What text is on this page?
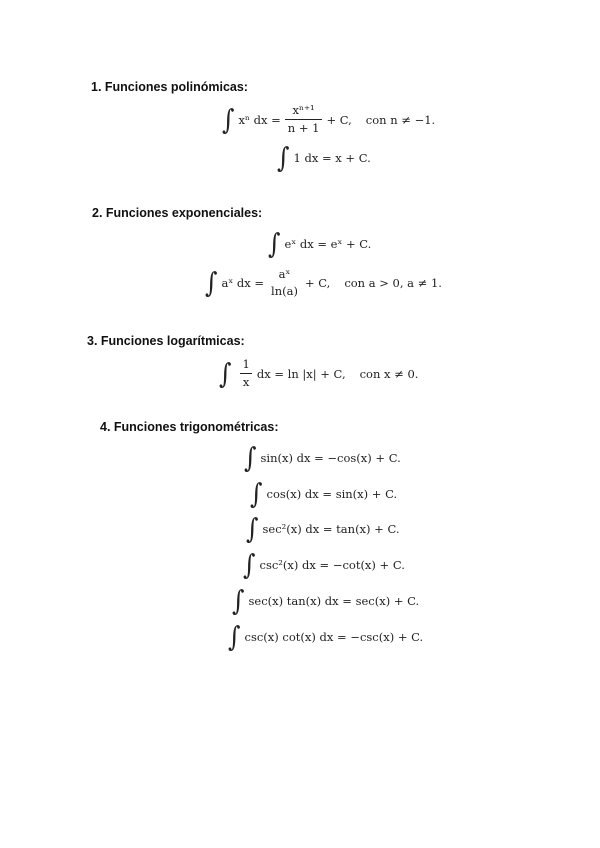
1. Funciones polinómicas:
∫ xⁿ dx = $\frac{\text{xⁿ⁺¹}}{n + 1} + C$, con n ≠ −1.
∫ 1 dx = x + C.
2. Funciones exponenciales:
∫ eˣ dx = eˣ + C.
∫ aˣ dx =
aˣ
ln(a)
+ C, con a > 0, a ≠ 1.
3. Funciones logarítmicas:
∫ $\frac{1}{x}$ dx = ln |x| + C, con x ≠ 0.
4. Funciones trigonométricas:
∫ sin(x) dx = −cos(x) + C.
∫ cos(x) dx = sin(x) + C.
∫ sec²(x) dx = tan(x) + C.
∫ csc²(x) dx = −cot(x) + C.
∫ sec(x) tan(x) dx = sec(x) + C.
∫ csc(x) cot(x) dx = −csc(x) + C.
